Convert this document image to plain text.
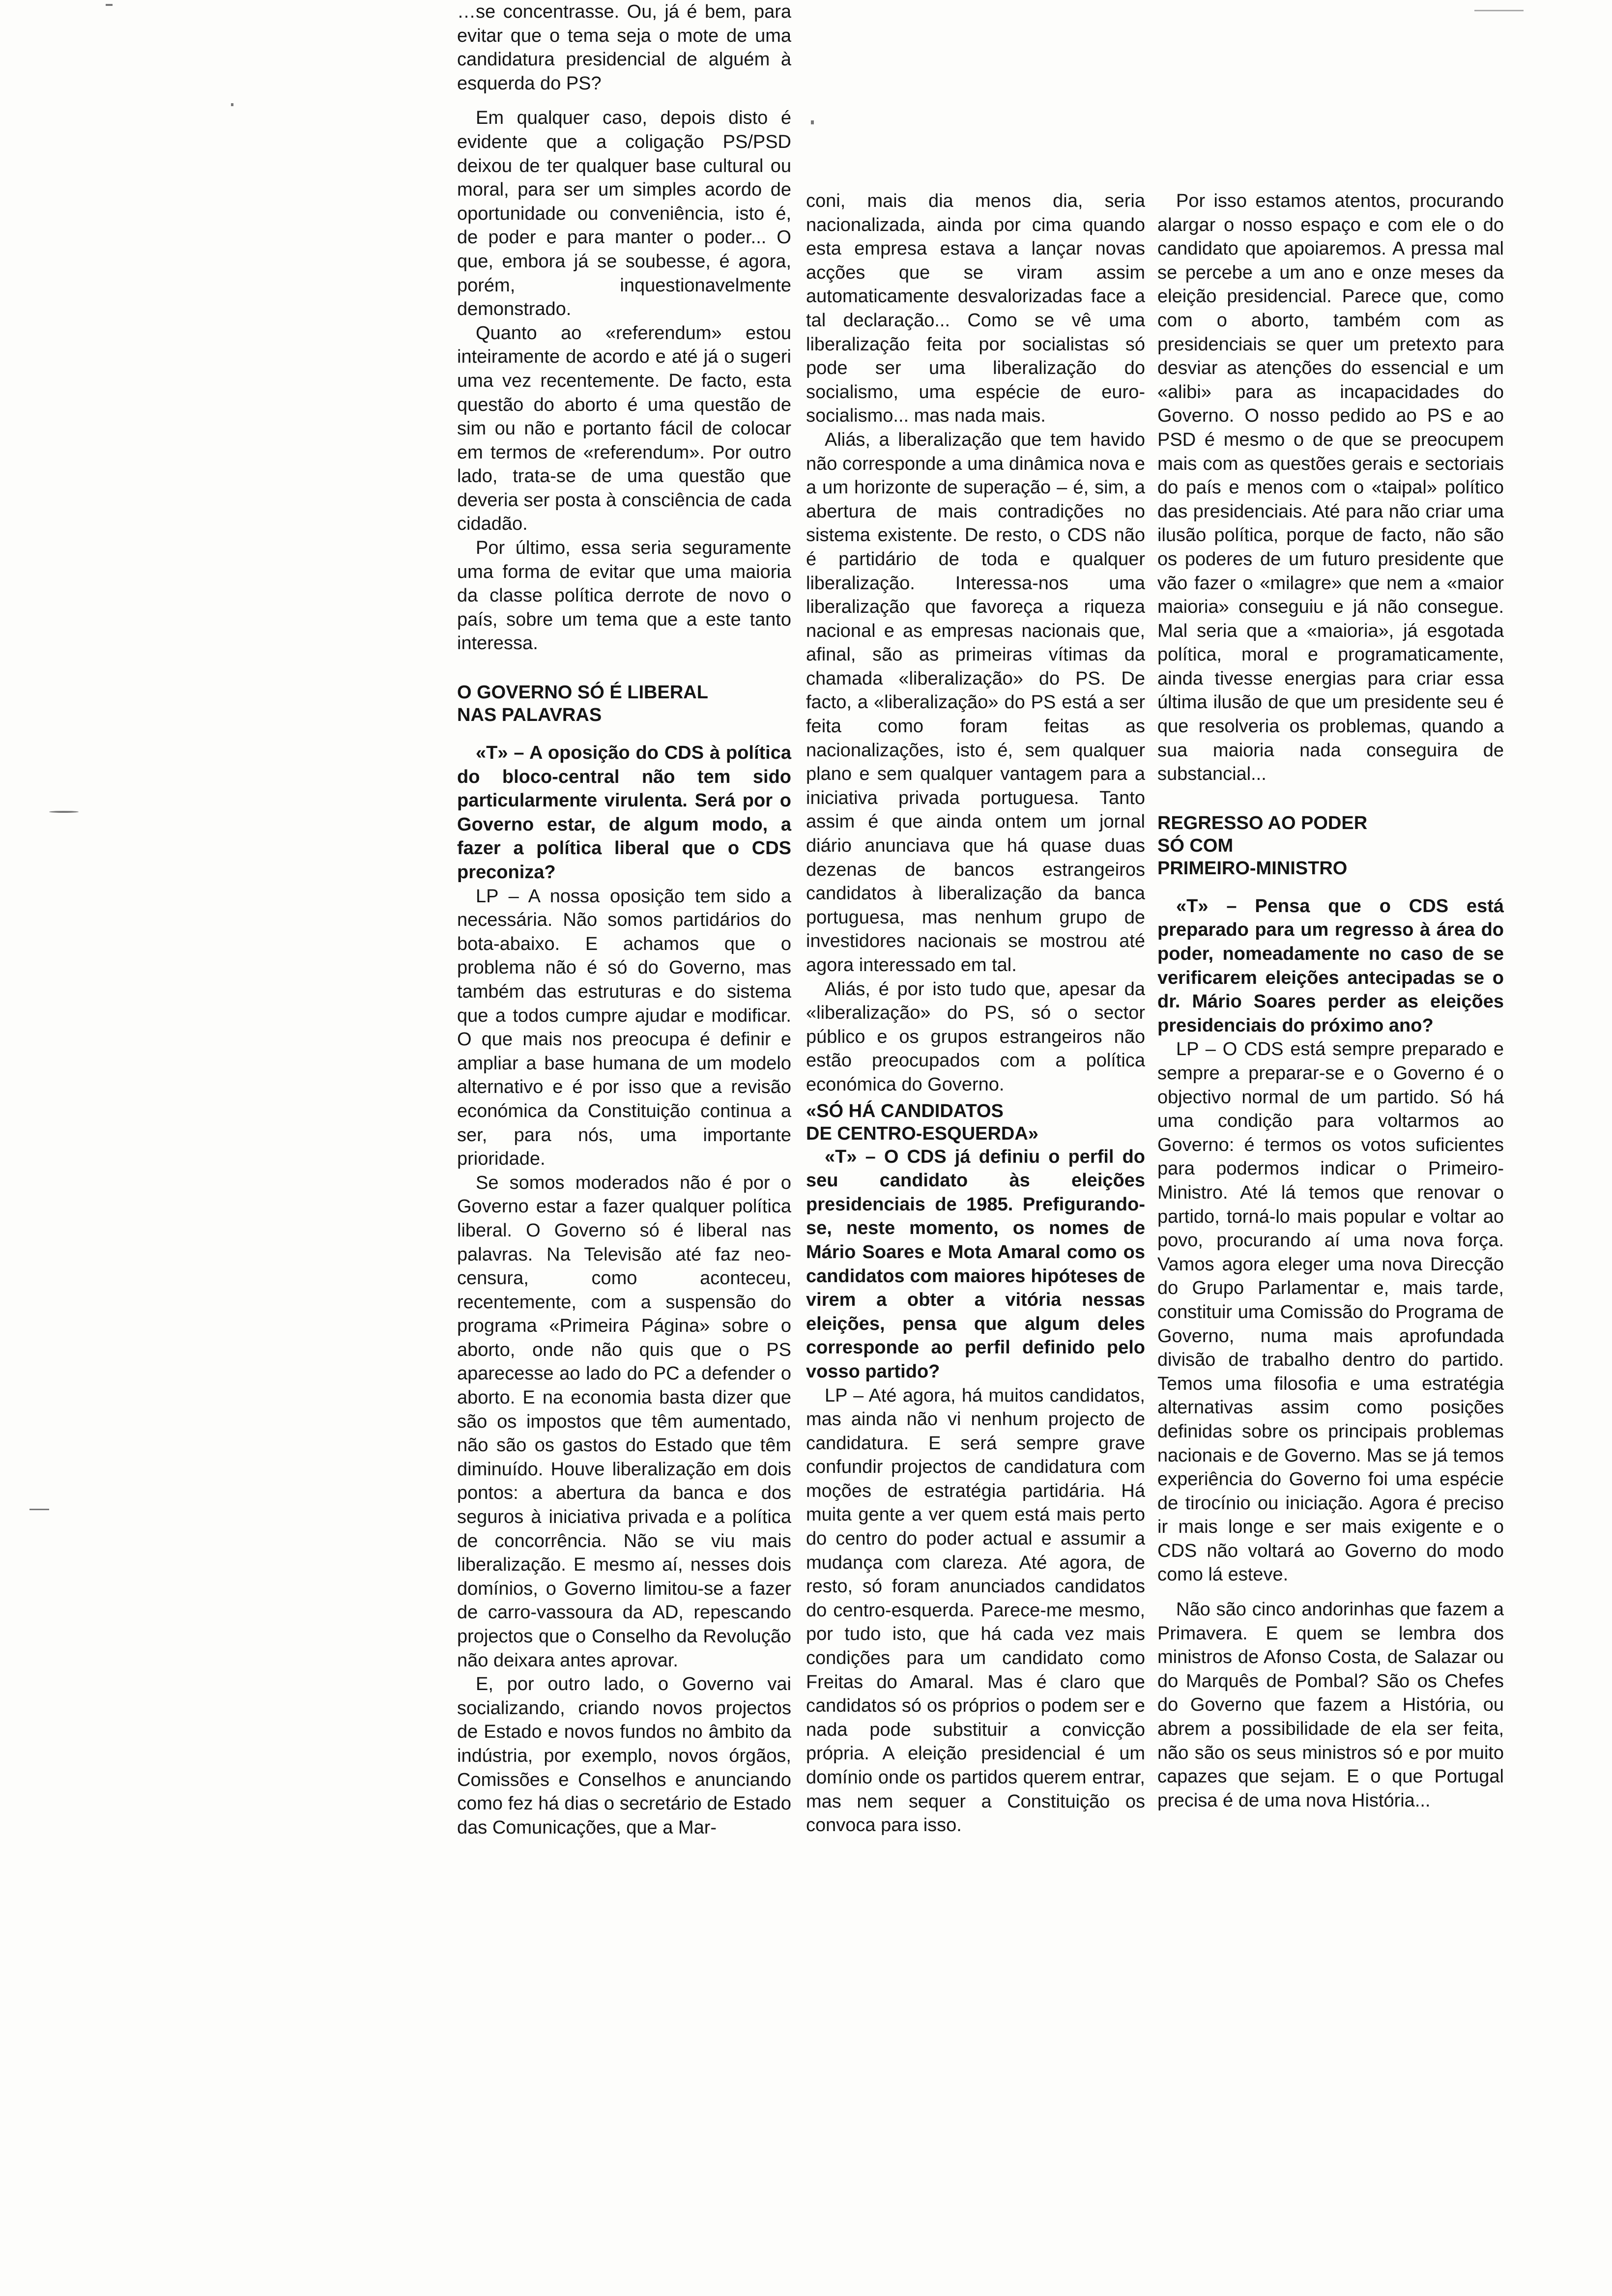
…se concentrasse. Ou, já é bem, para evitar que o tema seja o mote de uma candidatura presidencial de alguém à esquerda do PS?

Em qualquer caso, depois disto é evidente que a coligação PS/PSD deixou de ter qualquer base cultural ou moral, para ser um simples acordo de oportunidade ou conveniência, isto é, de poder e para manter o poder... O que, embora já se soubesse, é agora, porém, inquestionavelmente demonstrado.

Quanto ao «referendum» estou inteiramente de acordo e até já o sugeri uma vez recentemente. De facto, esta questão do aborto é uma questão de sim ou não e portanto fácil de colocar em termos de «referendum». Por outro lado, trata-se de uma questão que deveria ser posta à consciência de cada cidadão.

Por último, essa seria seguramente uma forma de evitar que uma maioria da classe política derrote de novo o país, sobre um tema que a este tanto interessa.

O GOVERNO SÓ É LIBERAL
NAS PALAVRAS

«T» – A oposição do CDS à política do bloco-central não tem sido particularmente virulenta. Será por o Governo estar, de algum modo, a fazer a política liberal que o CDS preconiza?

LP – A nossa oposição tem sido a necessária. Não somos partidários do bota-abaixo. E achamos que o problema não é só do Governo, mas também das estruturas e do sistema que a todos cumpre ajudar e modificar. O que mais nos preocupa é definir e ampliar a base humana de um modelo alternativo e é por isso que a revisão económica da Constituição continua a ser, para nós, uma importante prioridade.

Se somos moderados não é por o Governo estar a fazer qualquer política liberal. O Governo só é liberal nas palavras. Na Televisão até faz neo-censura, como aconteceu, recentemente, com a suspensão do programa «Primeira Página» sobre o aborto, onde não quis que o PS aparecesse ao lado do PC a defender o aborto. E na economia basta dizer que são os impostos que têm aumentado, não são os gastos do Estado que têm diminuído. Houve liberalização em dois pontos: a abertura da banca e dos seguros à iniciativa privada e a política de concorrência. Não se viu mais liberalização. E mesmo aí, nesses dois domínios, o Governo limitou-se a fazer de carro-vassoura da AD, repescando projectos que o Conselho da Revolução não deixara antes aprovar.

E, por outro lado, o Governo vai socializando, criando novos projectos de Estado e novos fundos no âmbito da indústria, por exemplo, novos órgãos, Comissões e Conselhos e anunciando como fez há dias o secretário de Estado das Comunicações, que a Mar-

coni, mais dia menos dia, seria nacionalizada, ainda por cima quando esta empresa estava a lançar novas acções que se viram assim automaticamente desvalorizadas face a tal declaração... Como se vê uma liberalização feita por socialistas só pode ser uma liberalização do socialismo, uma espécie de euro-socialismo... mas nada mais.

Aliás, a liberalização que tem havido não corresponde a uma dinâmica nova e a um horizonte de superação – é, sim, a abertura de mais contradições no sistema existente. De resto, o CDS não é partidário de toda e qualquer liberalização. Interessa-nos uma liberalização que favoreça a riqueza nacional e as empresas nacionais que, afinal, são as primeiras vítimas da chamada «liberalização» do PS. De facto, a «liberalização» do PS está a ser feita como foram feitas as nacionalizações, isto é, sem qualquer plano e sem qualquer vantagem para a iniciativa privada portuguesa. Tanto assim é que ainda ontem um jornal diário anunciava que há quase duas dezenas de bancos estrangeiros candidatos à liberalização da banca portuguesa, mas nenhum grupo de investidores nacionais se mostrou até agora interessado em tal.

Aliás, é por isto tudo que, apesar da «liberalização» do PS, só o sector público e os grupos estrangeiros não estão preocupados com a política económica do Governo.

«SÓ HÁ CANDIDATOS
DE CENTRO-ESQUERDA»

«T» – O CDS já definiu o perfil do seu candidato às eleições presidenciais de 1985. Prefigurando-se, neste momento, os nomes de Mário Soares e Mota Amaral como os candidatos com maiores hipóteses de virem a obter a vitória nessas eleições, pensa que algum deles corresponde ao perfil definido pelo vosso partido?

LP – Até agora, há muitos candidatos, mas ainda não vi nenhum projecto de candidatura. E será sempre grave confundir projectos de candidatura com moções de estratégia partidária. Há muita gente a ver quem está mais perto do centro do poder actual e assumir a mudança com clareza. Até agora, de resto, só foram anunciados candidatos do centro-esquerda. Parece-me mesmo, por tudo isto, que há cada vez mais condições para um candidato como Freitas do Amaral. Mas é claro que candidatos só os próprios o podem ser e nada pode substituir a convicção própria. A eleição presidencial é um domínio onde os partidos querem entrar, mas nem sequer a Constituição os convoca para isso.

Por isso estamos atentos, procurando alargar o nosso espaço e com ele o do candidato que apoiaremos. A pressa mal se percebe a um ano e onze meses da eleição presidencial. Parece que, como com o aborto, também com as presidenciais se quer um pretexto para desviar as atenções do essencial e um «alibi» para as incapacidades do Governo. O nosso pedido ao PS e ao PSD é mesmo o de que se preocupem mais com as questões gerais e sectoriais do país e menos com o «taipal» político das presidenciais. Até para não criar uma ilusão política, porque de facto, não são os poderes de um futuro presidente que vão fazer o «milagre» que nem a «maior maioria» conseguiu e já não consegue. Mal seria que a «maioria», já esgotada política, moral e programaticamente, ainda tivesse energias para criar essa última ilusão de que um presidente seu é que resolveria os problemas, quando a sua maioria nada conseguira de substancial...

REGRESSO AO PODER
SÓ COM
PRIMEIRO-MINISTRO

«T» – Pensa que o CDS está preparado para um regresso à área do poder, nomeadamente no caso de se verificarem eleições antecipadas se o dr. Mário Soares perder as eleições presidenciais do próximo ano?

LP – O CDS está sempre preparado e sempre a preparar-se e o Governo é o objectivo normal de um partido. Só há uma condição para voltarmos ao Governo: é termos os votos suficientes para podermos indicar o Primeiro-Ministro. Até lá temos que renovar o partido, torná-lo mais popular e voltar ao povo, procurando aí uma nova força. Vamos agora eleger uma nova Direcção do Grupo Parlamentar e, mais tarde, constituir uma Comissão do Programa de Governo, numa mais aprofundada divisão de trabalho dentro do partido. Temos uma filosofia e uma estratégia alternativas assim como posições definidas sobre os principais problemas nacionais e de Governo. Mas se já temos experiência do Governo foi uma espécie de tirocínio ou iniciação. Agora é preciso ir mais longe e ser mais exigente e o CDS não voltará ao Governo do modo como lá esteve.

Não são cinco andorinhas que fazem a Primavera. E quem se lembra dos ministros de Afonso Costa, de Salazar ou do Marquês de Pombal? São os Chefes do Governo que fazem a História, ou abrem a possibilidade de ela ser feita, não são os seus ministros só e por muito capazes que sejam. E o que Portugal precisa é de uma nova História...
